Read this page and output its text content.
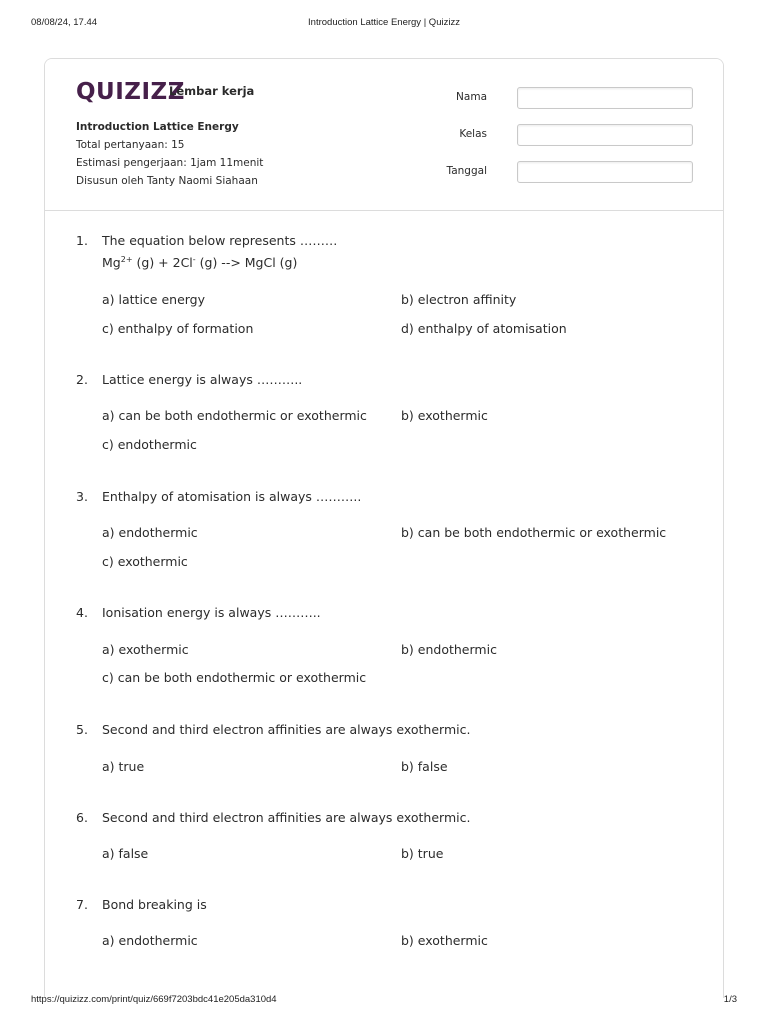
08/08/24, 17.44	Introduction Lattice Energy | Quizizz
QUIZIZZ
Lembar kerja
Introduction Lattice Energy
Total pertanyaan: 15
Estimasi pengerjaan: 1jam 11menit
Disusun oleh Tanty Naomi Siahaan
Nama
Kelas
Tanggal
1. The equation below represents ………
$Mg^{2+}$ (g) + 2Cl- (g) --> MgCl (g)
a) lattice energy	b) electron affinity
c) enthalpy of formation	d) enthalpy of atomisation
2. Lattice energy is always ………..
a) can be both endothermic or exothermic	b) exothermic
c) endothermic
3. Enthalpy of atomisation is always ………..
a) endothermic	b) can be both endothermic or exothermic
c) exothermic
4. Ionisation energy is always ………..
a) exothermic	b) endothermic
c) can be both endothermic or exothermic
5. Second and third electron affinities are always exothermic.
a) true	b) false
6. Second and third electron affinities are always exothermic.
a) false	b) true
7. Bond breaking is
a) endothermic	b) exothermic
https://quizizz.com/print/quiz/669f7203bdc41e205da310d4	1/3
